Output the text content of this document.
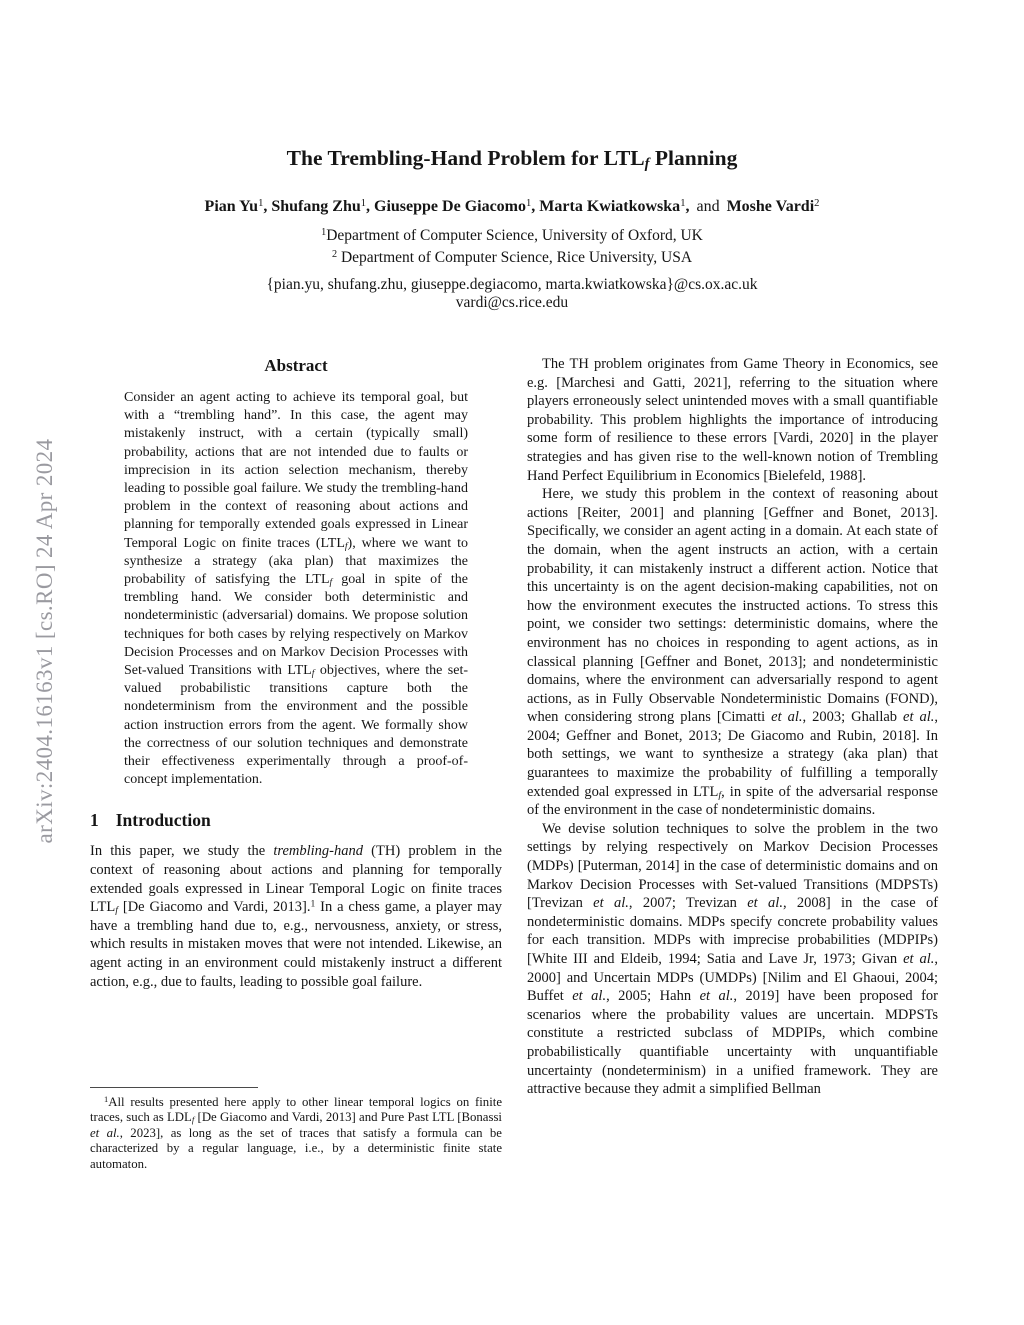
arXiv:2404.16163v1 [cs.RO] 24 Apr 2024
The Trembling-Hand Problem for $LTL_f$ Planning
Pian Yu$^1$, Shufang Zhu$^1$, Giuseppe De Giacomo$^1$, Marta Kwiatkowska$^1$, and Moshe Vardi$^2$
$^1$Department of Computer Science, University of Oxford, UK
$^2$ Department of Computer Science, Rice University, USA
{pian.yu, shufang.zhu, giuseppe.degiacomo, marta.kwiatkowska}@cs.ox.ac.uk
vardi@cs.rice.edu
Abstract

Consider an agent acting to achieve its temporal goal, but with a “trembling hand”. In this case, the agent may mistakenly instruct, with a certain (typically small) probability, actions that are not intended due to faults or imprecision in its action selection mechanism, thereby leading to possible goal failure. We study the trembling-hand problem in the context of reasoning about actions and planning for temporally extended goals expressed in Linear Temporal Logic on finite traces $(LTL_f)$, where we want to synthesize a strategy (aka plan) that maximizes the probability of satisfying the $LTL_f$ goal in spite of the trembling hand. We consider both deterministic and nondeterministic (adversarial) domains. We propose solution techniques for both cases by relying respectively on Markov Decision Processes and on Markov Decision Processes with Set-valued Transitions with $LTL_f$ objectives, where the set-valued probabilistic transitions capture both the nondeterminism from the environment and the possible action instruction errors from the agent. We formally show the correctness of our solution techniques and demonstrate their effectiveness experimentally through a proof-of-concept implementation.

1 Introduction

In this paper, we study the trembling-hand (TH) problem in the context of reasoning about actions and planning for temporally extended goals expressed in Linear Temporal Logic on finite traces $LTL_f$ [De Giacomo and Vardi, 2013].$^1$ In a chess game, a player may have a trembling hand due to, e.g., nervousness, anxiety, or stress, which results in mistaken moves that were not intended. Likewise, an agent acting in an environment could mistakenly instruct a different action, e.g., due to faults, leading to possible goal failure.

$^1$All results presented here apply to other linear temporal logics on finite traces, such as $LDL_f$ [De Giacomo and Vardi, 2013] and Pure Past LTL [Bonassi et al., 2023], as long as the set of traces that satisfy a formula can be characterized by a regular language, i.e., by a deterministic finite state automaton.

The TH problem originates from Game Theory in Economics, see e.g. [Marchesi and Gatti, 2021], referring to the situation where players erroneously select unintended moves with a small quantifiable probability. This problem highlights the importance of introducing some form of resilience to these errors [Vardi, 2020] in the player strategies and has given rise to the well-known notion of Trembling Hand Perfect Equilibrium in Economics [Bielefeld, 1988].

Here, we study this problem in the context of reasoning about actions [Reiter, 2001] and planning [Geffner and Bonet, 2013]. Specifically, we consider an agent acting in a domain. At each state of the domain, when the agent instructs an action, with a certain probability, it can mistakenly instruct a different action. Notice that this uncertainty is on the agent decision-making capabilities, not on how the environment executes the instructed actions. To stress this point, we consider two settings: deterministic domains, where the environment has no choices in responding to agent actions, as in classical planning [Geffner and Bonet, 2013]; and nondeterministic domains, where the environment can adversarially respond to agent actions, as in Fully Observable Nondeterministic Domains (FOND), when considering strong plans [Cimatti et al., 2003; Ghallab et al., 2004; Geffner and Bonet, 2013; De Giacomo and Rubin, 2018]. In both settings, we want to synthesize a strategy (aka plan) that guarantees to maximize the probability of fulfilling a temporally extended goal expressed in $LTL_f$, in spite of the adversarial response of the environment in the case of nondeterministic domains.

We devise solution techniques to solve the problem in the two settings by relying respectively on Markov Decision Processes (MDPs) [Puterman, 2014] in the case of deterministic domains and on Markov Decision Processes with Set-valued Transitions (MDPSTs) [Trevizan et al., 2007; Trevizan et al., 2008] in the case of nondeterministic domains. MDPs specify concrete probability values for each transition. MDPs with imprecise probabilities (MDPIPs) [White III and Eldeib, 1994; Satia and Lave Jr, 1973; Givan et al., 2000] and Uncertain MDPs (UMDPs) [Nilim and El Ghaoui, 2004; Buffet et al., 2005; Hahn et al., 2019] have been proposed for scenarios where the probability values are uncertain. MDPSTs constitute a restricted subclass of MDPIPs, which combine probabilistically quantifiable uncertainty with unquantifiable uncertainty (nondeterminism) in a unified framework. They are attractive because they admit a simplified Bellman
